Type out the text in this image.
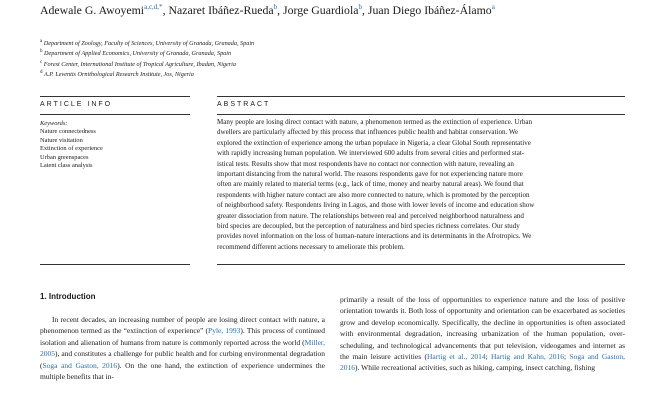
Adewale G. Awoyemi$^{a,c,d,*}$, Nazaret Ibáñez-Rueda$^b$, Jorge Guardiola$^b$, Juan Diego Ibáñez-Álamo$^a$
$^a$ Department of Zoology, Faculty of Sciences, University of Granada, Granada, Spain
$^b$ Department of Applied Economics, University of Granada, Granada, Spain
$^c$ Forest Center, International Institute of Tropical Agriculture, Ibadan, Nigeria
$^d$ A.P. Leventis Ornithological Research Institute, Jos, Nigeria
ARTICLE INFO	ABSTRACT
Keywords:
Nature connectedness
Nature visitation
Extinction of experience
Urban greenspaces
Latent class analysis
Many people are losing direct contact with nature, a phenomenon termed as the extinction of experience. Urban
dwellers are particularly affected by this process that influences public health and habitat conservation. We
explored the extinction of experience among the urban populace in Nigeria, a clear Global South representative
with rapidly increasing human population. We interviewed 600 adults from several cities and performed stat-
istical tests. Results show that most respondents have no contact nor connection with nature, revealing an
important distancing from the natural world. The reasons respondents gave for not experiencing nature more
often are mainly related to material terms (e.g., lack of time, money and nearby natural areas). We found that
respondents with higher nature contact are also more connected to nature, which is promoted by the perception
of neighborhood safety. Respondents living in Lagos, and those with lower levels of income and education show
greater dissociation from nature. The relationships between real and perceived neighborhood naturalness and
bird species are decoupled, but the perception of naturalness and bird species richness correlates. Our study
provides novel information on the loss of human-nature interactions and its determinants in the Afrotropics. We
recommend different actions necessary to ameliorate this problem.
1. Introduction
In recent decades, an increasing number of people are losing direct contact with nature, a phenomenon termed as the “extinction of experience” (Pyle, 1993). This process of continued isolation and alienation of humans from nature is commonly reported across the world (Miller, 2005), and constitutes a challenge for public health and for curbing environmental degradation (Soga and Gaston, 2016). On the one hand, the extinction of experience undermines the multiple benefits that in-
primarily a result of the loss of opportunities to experience nature and the loss of positive orientation towards it. Both loss of opportunity and orientation can be exacerbated as societies grow and develop economically. Specifically, the decline in opportunities is often associated with environmental degradation, increasing urbanization of the human population, over-scheduling, and technological advancements that put television, videogames and internet as the main leisure activities (Hartig et al., 2014; Hartig and Kahn, 2016; Soga and Gaston, 2016). While recreational activities, such as hiking, camping, insect catching, fishing
